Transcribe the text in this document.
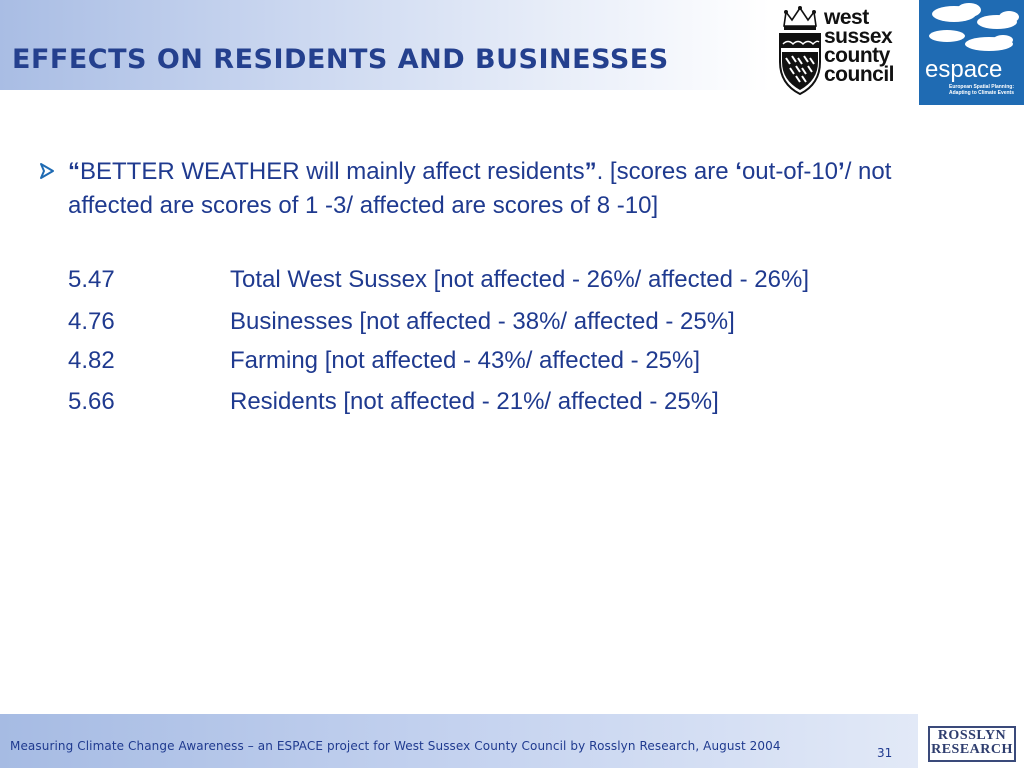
EFFECTS ON RESIDENTS AND BUSINESSES
west
sussex
county
council espace
European Spatial Planning:
Adapting to Climate Events
“BETTER WEATHER will mainly affect residents”. [scores are ‘out-of-10’/ not affected are scores of 1 -3/ affected are scores of 8 -10]
5.47	Total West Sussex [not affected - 26%/ affected - 26%]
4.76	Businesses [not affected - 38%/ affected - 25%]
4.82	Farming [not affected - 43%/ affected - 25%]
5.66	Residents [not affected - 21%/ affected - 25%]
Measuring Climate Change Awareness – an ESPACE project for West Sussex County Council by Rosslyn Research, August 2004	31
ROSSLYN
RESEARCH
